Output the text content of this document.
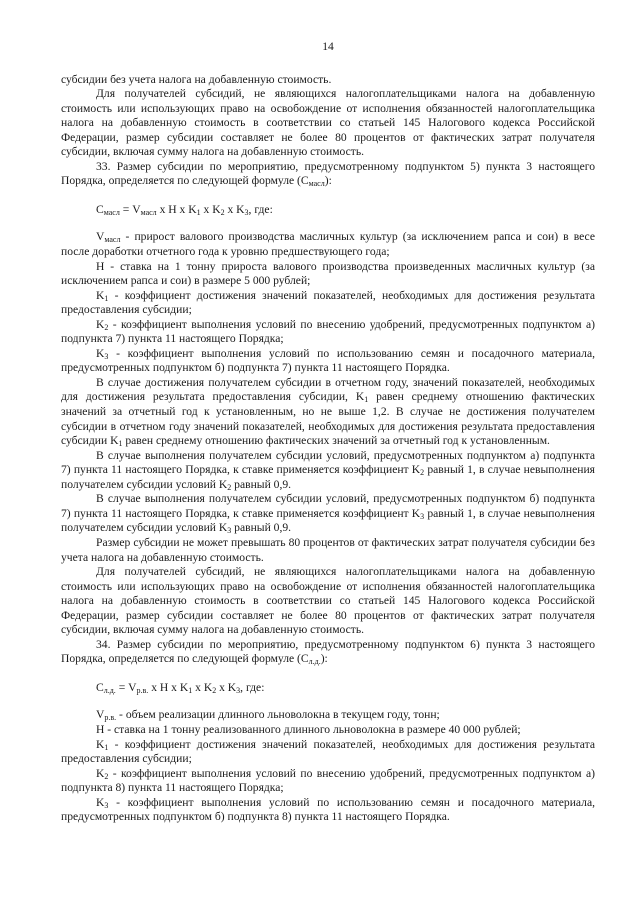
14

субсидии без учета налога на добавленную стоимость.

Для получателей субсидий, не являющихся налогоплательщиками налога на добавленную стоимость или использующих право на освобождение от исполнения обязанностей налогоплательщика налога на добавленную стоимость в соответствии со статьей 145 Налогового кодекса Российской Федерации, размер субсидии составляет не более 80 процентов от фактических затрат получателя субсидии, включая сумму налога на добавленную стоимость.

33. Размер субсидии по мероприятию, предусмотренному подпунктом 5) пункта 3 настоящего Порядка, определяется по следующей формуле $(C_{масл})$:

$C_{масл} = V_{масл}$ х Н х $K_1$ х $K_2$ х $K_3$, где:

$V_{масл}$ - прирост валового производства масличных культур (за исключением рапса и сои) в весе после доработки отчетного года к уровню предшествующего года;

Н - ставка на 1 тонну прироста валового производства произведенных масличных культур (за исключением рапса и сои) в размере 5 000 рублей;

$K_1$ - коэффициент достижения значений показателей, необходимых для достижения результата предоставления субсидии;

$K_2$ - коэффициент выполнения условий по внесению удобрений, предусмотренных подпунктом а) подпункта 7) пункта 11 настоящего Порядка;

$K_3$ - коэффициент выполнения условий по использованию семян и посадочного материала, предусмотренных подпунктом б) подпункта 7) пункта 11 настоящего Порядка.

В случае достижения получателем субсидии в отчетном году, значений показателей, необходимых для достижения результата предоставления субсидии, $K_1$ равен среднему отношению фактических значений за отчетный год к установленным, но не выше 1,2. В случае не достижения получателем субсидии в отчетном году значений показателей, необходимых для достижения результата предоставления субсидии $K_1$ равен среднему отношению фактических значений за отчетный год к установленным.

В случае выполнения получателем субсидии условий, предусмотренных подпунктом а) подпункта 7) пункта 11 настоящего Порядка, к ставке применяется коэффициент $K_2$ равный 1, в случае невыполнения получателем субсидии условий $K_2$ равный 0,9.

В случае выполнения получателем субсидии условий, предусмотренных подпунктом б) подпункта 7) пункта 11 настоящего Порядка, к ставке применяется коэффициент $K_3$ равный 1, в случае невыполнения получателем субсидии условий $K_3$ равный 0,9.

Размер субсидии не может превышать 80 процентов от фактических затрат получателя субсидии без учета налога на добавленную стоимость.

Для получателей субсидий, не являющихся налогоплательщиками налога на добавленную стоимость или использующих право на освобождение от исполнения обязанностей налогоплательщика налога на добавленную стоимость в соответствии со статьей 145 Налогового кодекса Российской Федерации, размер субсидии составляет не более 80 процентов от фактических затрат получателя субсидии, включая сумму налога на добавленную стоимость.

34. Размер субсидии по мероприятию, предусмотренному подпунктом 6) пункта 3 настоящего Порядка, определяется по следующей формуле $(C_{л.д.})$:

$C_{л.д.} = V_{р.в.}$ х Н х $K_1$ х $K_2$ х $K_3$, где:

$V_{р.в.}$ - объем реализации длинного льноволокна в текущем году, тонн;

Н - ставка на 1 тонну реализованного длинного льноволокна в размере 40 000 рублей;

$K_1$ - коэффициент достижения значений показателей, необходимых для достижения результата предоставления субсидии;

$K_2$ - коэффициент выполнения условий по внесению удобрений, предусмотренных подпунктом а) подпункта 8) пункта 11 настоящего Порядка;

$K_3$ - коэффициент выполнения условий по использованию семян и посадочного материала, предусмотренных подпунктом б) подпункта 8) пункта 11 настоящего Порядка.
